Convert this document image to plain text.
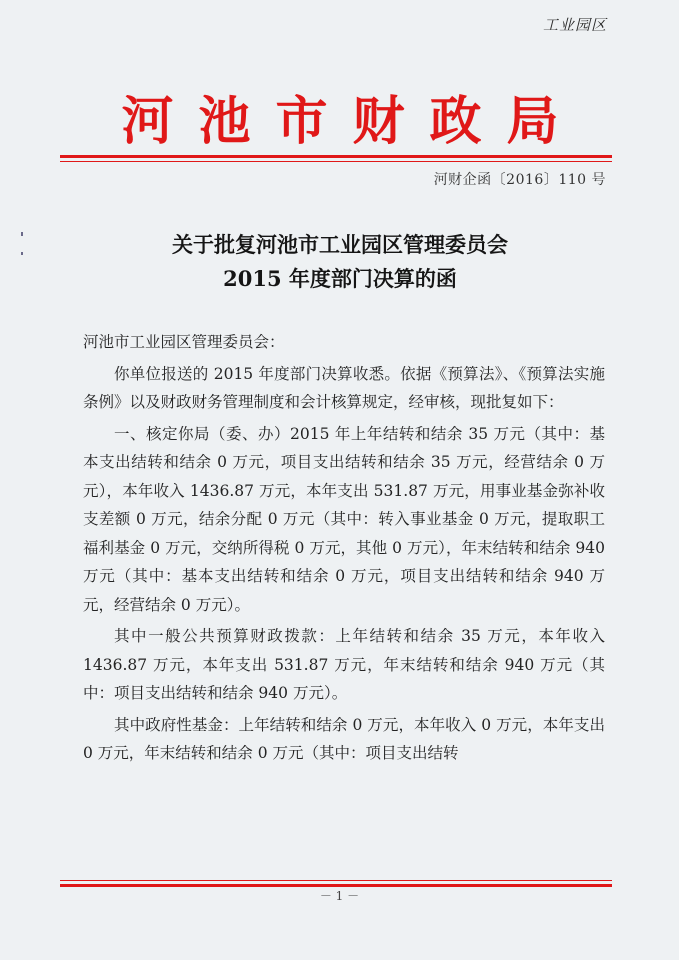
工业园区
河池市财政局
河财企函〔2016〕110 号
关于批复河池市工业园区管理委员会
2015 年度部门决算的函

河池市工业园区管理委员会：

你单位报送的 2015 年度部门决算收悉。依据《预算法》、《预算法实施条例》以及财政财务管理制度和会计核算规定，经审核，现批复如下：

一、核定你局（委、办）2015 年上年结转和结余 35 万元（其中：基本支出结转和结余 0 万元，项目支出结转和结余 35 万元，经营结余 0 万元），本年收入 1436.87 万元，本年支出 531.87 万元，用事业基金弥补收支差额 0 万元，结余分配 0 万元（其中：转入事业基金 0 万元，提取职工福利基金 0 万元，交纳所得税 0 万元，其他 0 万元），年末结转和结余 940 万元（其中：基本支出结转和结余 0 万元，项目支出结转和结余 940 万元，经营结余 0 万元）。

其中一般公共预算财政拨款：上年结转和结余 35 万元，本年收入 1436.87 万元，本年支出 531.87 万元，年末结转和结余 940 万元（其中：项目支出结转和结余 940 万元）。

其中政府性基金：上年结转和结余 0 万元，本年收入 0 万元，本年支出 0 万元，年末结转和结余 0 万元（其中：项目支出结转

－ 1 －
